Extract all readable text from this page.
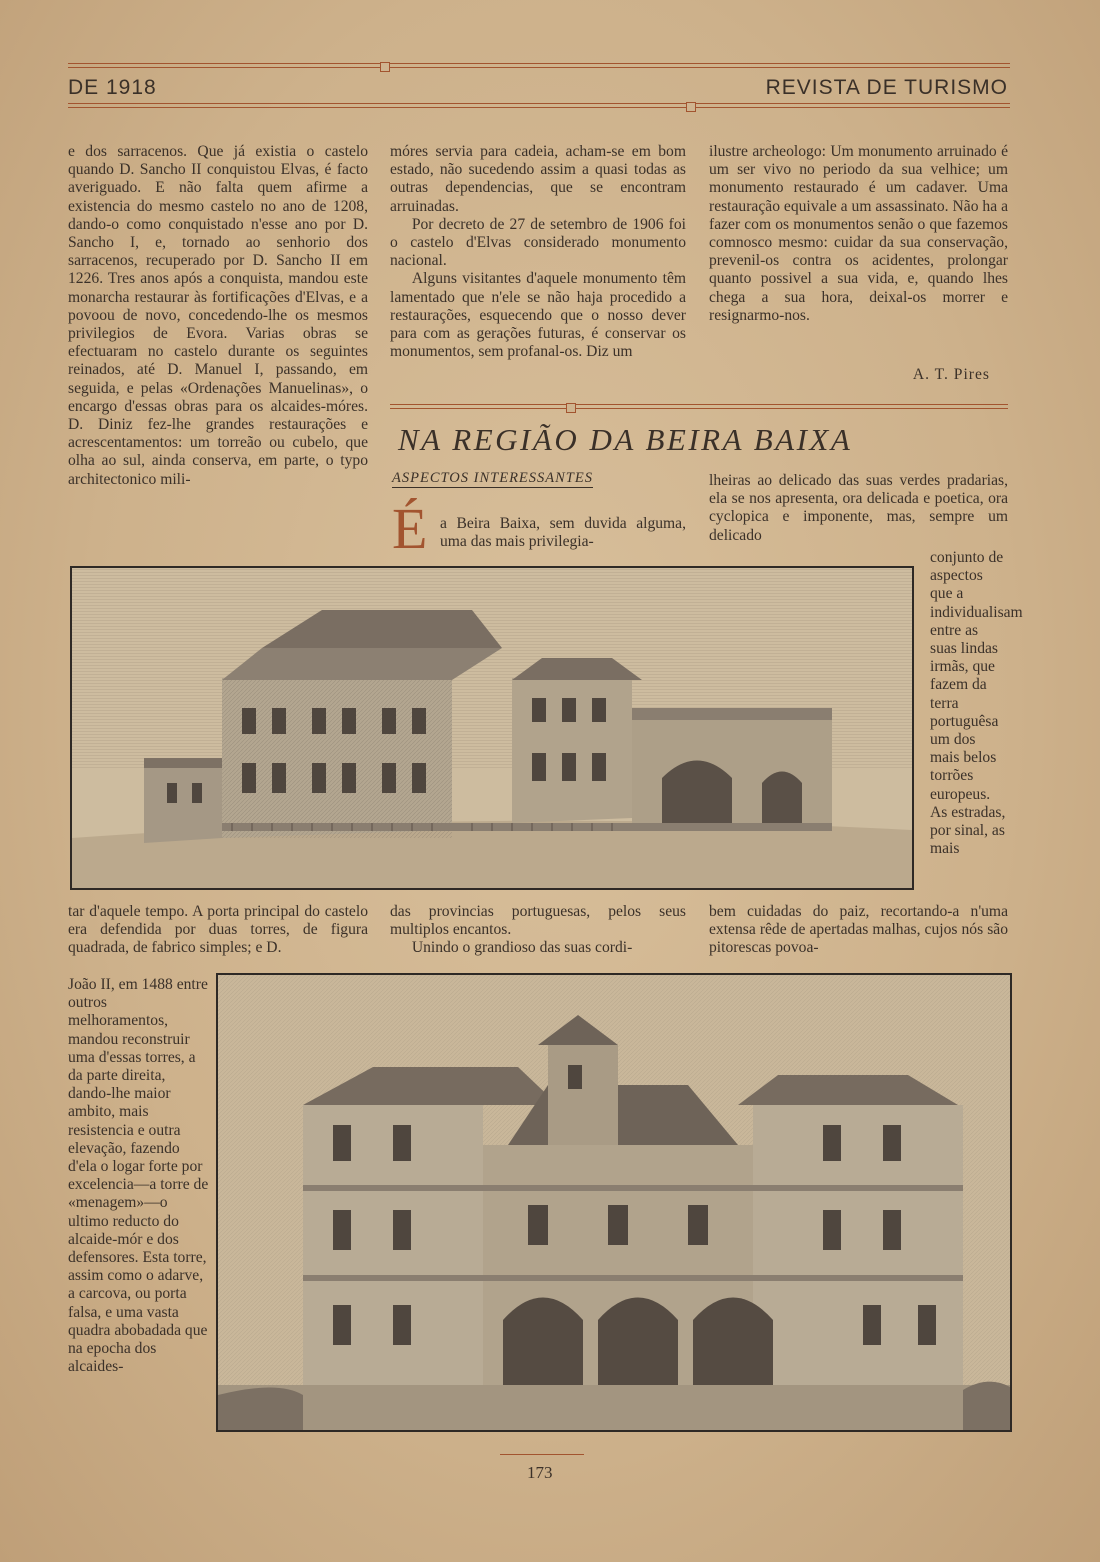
DE 1918	REVISTA DE TURISMO

e dos sarracenos. Que já existia o castelo quando D. Sancho II conquistou Elvas, é facto averiguado. E não falta quem afirme a existencia do mesmo castelo no ano de 1208, dando-o como conquistado n'esse ano por D. Sancho I, e, tornado ao senhorio dos sarracenos, recuperado por D. Sancho II em 1226. Tres anos após a conquista, mandou este monarcha restaurar às fortificações d'Elvas, e a povoou de novo, concedendo-lhe os mesmos privilegios de Evora. Varias obras se efectuaram no castelo durante os seguintes reinados, até D. Manuel I, passando, em seguida, e pelas «Ordenações Manuelinas», o encargo d'essas obras para os alcaides-móres. D. Diniz fez-lhe grandes restaurações e acrescentamentos: um torreão ou cubelo, que olha ao sul, ainda conserva, em parte, o typo architectonico mili-

móres servia para cadeia, acham-se em bom estado, não sucedendo assim a quasi todas as outras dependencias, que se encontram arruinadas.

Por decreto de 27 de setembro de 1906 foi o castelo d'Elvas considerado monumento nacional.

Alguns visitantes d'aquele monumento têm lamentado que n'ele se não haja procedido a restaurações, esquecendo que o nosso dever para com as gerações futuras, é conservar os monumentos, sem profanal-os. Diz um

ilustre archeologo: Um monumento arruinado é um ser vivo no periodo da sua velhice; um monumento restaurado é um cadaver. Uma restauração equivale a um assassinato. Não ha a fazer com os monumentos senão o que fazemos comnosco mesmo: cuidar da sua conservação, prevenil-os contra os acidentes, prolongar quanto possivel a sua vida, e, quando lhes chega a sua hora, deixal-os morrer e resignarmo-nos.

A. T. Pires
NA REGIÃO DA BEIRA BAIXA
ASPECTOS INTERESSANTES
É a Beira Baixa, sem duvida alguma, uma das mais privilegia-

lheiras ao delicado das suas verdes pradarias, ela se nos apresenta, ora delicada e poetica, ora cyclopica e imponente, mas, sempre um delicado

conjunto de aspectos que a individualisam entre as suas lindas irmãs, que fazem da terra portuguêsa um dos mais belos torrões europeus. As estradas, por sinal, as mais

tar d'aquele tempo. A porta principal do castelo era defendida por duas torres, de figura quadrada, de fabrico simples; e D.

das provincias portuguesas, pelos seus multiplos encantos.

Unindo o grandioso das suas cordi-

bem cuidadas do paiz, recortando-a n'uma extensa rêde de apertadas malhas, cujos nós são pitorescas povoa-

João II, em 1488 entre outros melhoramentos, mandou reconstruir uma d'essas torres, a da parte direita, dando-lhe maior ambito, mais resistencia e outra elevação, fazendo d'ela o logar forte por excelencia—a torre de «menagem»—o ultimo reducto do alcaide-mór e dos defensores. Esta torre, assim como o adarve, a carcova, ou porta falsa, e uma vasta quadra abobadada que na epocha dos alcaides-

173
